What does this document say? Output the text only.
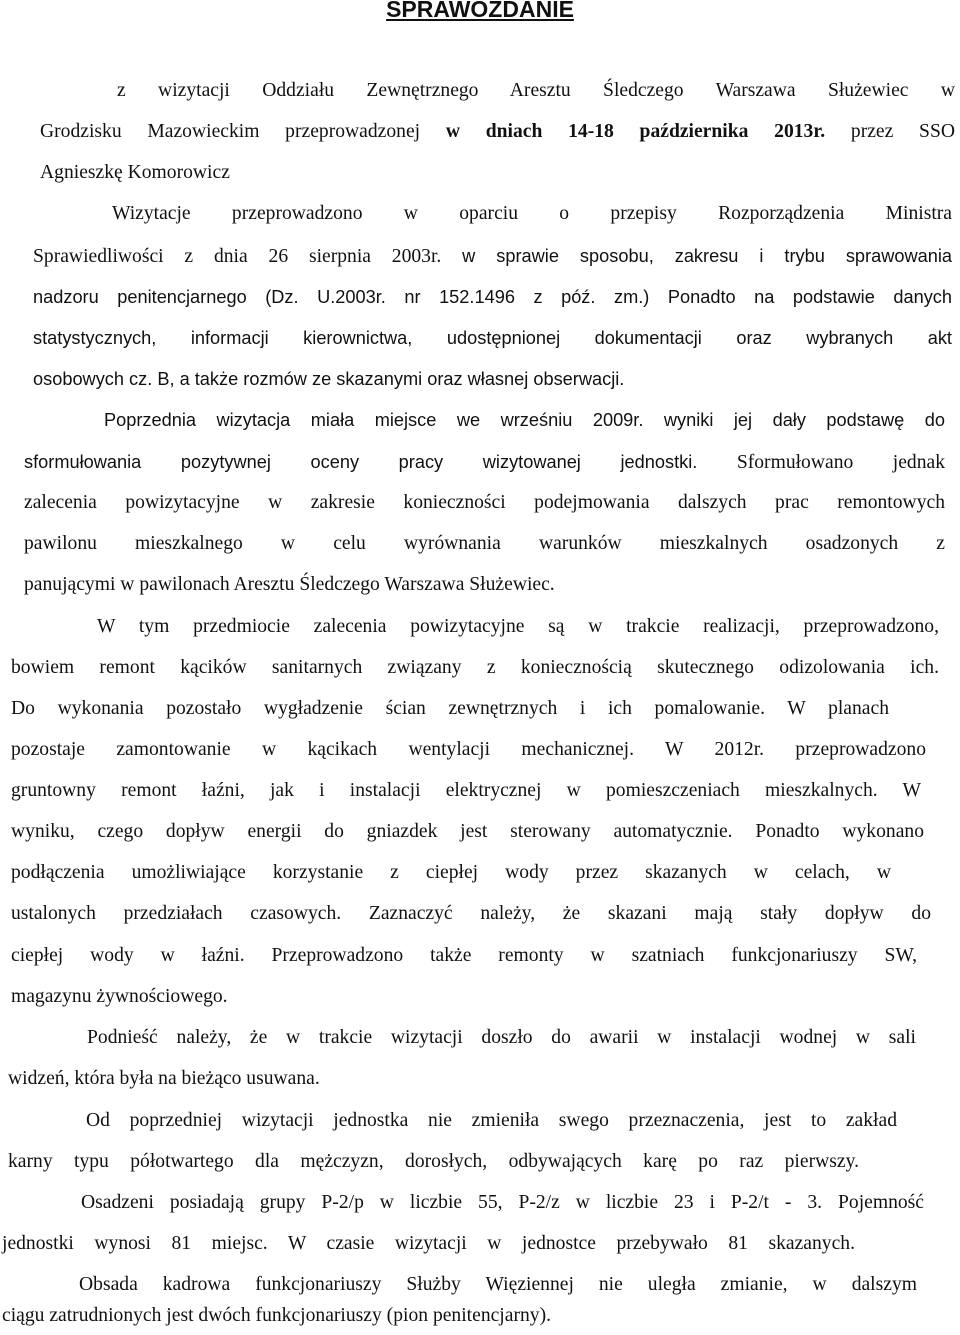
SPRAWOZDANIE
z wizytacji Oddziału Zewnętrznego Aresztu Śledczego Warszawa Służewiec w
Grodzisku Mazowieckim przeprowadzonej w dniach 14-18 października 2013r. przez SSO
Agnieszkę Komorowicz
Wizytacje przeprowadzono w oparciu o przepisy Rozporządzenia Ministra
Sprawiedliwości z dnia 26 sierpnia 2003r. w sprawie sposobu, zakresu i trybu sprawowania
nadzoru penitencjarnego (Dz. U.2003r. nr 152.1496 z póź. zm.) Ponadto na podstawie danych
statystycznych, informacji kierownictwa, udostępnionej dokumentacji oraz wybranych akt
osobowych cz. B, a także rozmów ze skazanymi oraz własnej obserwacji.
Poprzednia wizytacja miała miejsce we wrześniu 2009r. wyniki jej dały podstawę do
sformułowania pozytywnej oceny pracy wizytowanej jednostki. Sformułowano jednak
zalecenia powizytacyjne w zakresie konieczności podejmowania dalszych prac remontowych
pawilonu mieszkalnego w celu wyrównania warunków mieszkalnych osadzonych z
panującymi w pawilonach Aresztu Śledczego Warszawa Służewiec.
W tym przedmiocie zalecenia powizytacyjne są w trakcie realizacji, przeprowadzono,
bowiem remont kącików sanitarnych związany z koniecznością skutecznego odizolowania ich.
Do wykonania pozostało wygładzenie ścian zewnętrznych i ich pomalowanie. W planach
pozostaje zamontowanie w kącikach wentylacji mechanicznej. W 2012r. przeprowadzono
gruntowny remont łaźni, jak i instalacji elektrycznej w pomieszczeniach mieszkalnych. W
wyniku, czego dopływ energii do gniazdek jest sterowany automatycznie. Ponadto wykonano
podłączenia umożliwiające korzystanie z ciepłej wody przez skazanych w celach, w
ustalonych przedziałach czasowych. Zaznaczyć należy, że skazani mają stały dopływ do
ciepłej wody w łaźni. Przeprowadzono także remonty w szatniach funkcjonariuszy SW,
magazynu żywnościowego.
Podnieść należy, że w trakcie wizytacji doszło do awarii w instalacji wodnej w sali
widzeń, która była na bieżąco usuwana.
Od poprzedniej wizytacji jednostka nie zmieniła swego przeznaczenia, jest to zakład
karny typu półotwartego dla mężczyzn, dorosłych, odbywających karę po raz pierwszy.
Osadzeni posiadają grupy P-2/p w liczbie 55, P-2/z w liczbie 23 i P-2/t - 3. Pojemność
jednostki wynosi 81 miejsc. W czasie wizytacji w jednostce przebywało 81 skazanych.
Obsada kadrowa funkcjonariuszy Służby Więziennej nie uległa zmianie, w dalszym
ciągu zatrudnionych jest dwóch funkcjonariuszy (pion penitencjarny).
